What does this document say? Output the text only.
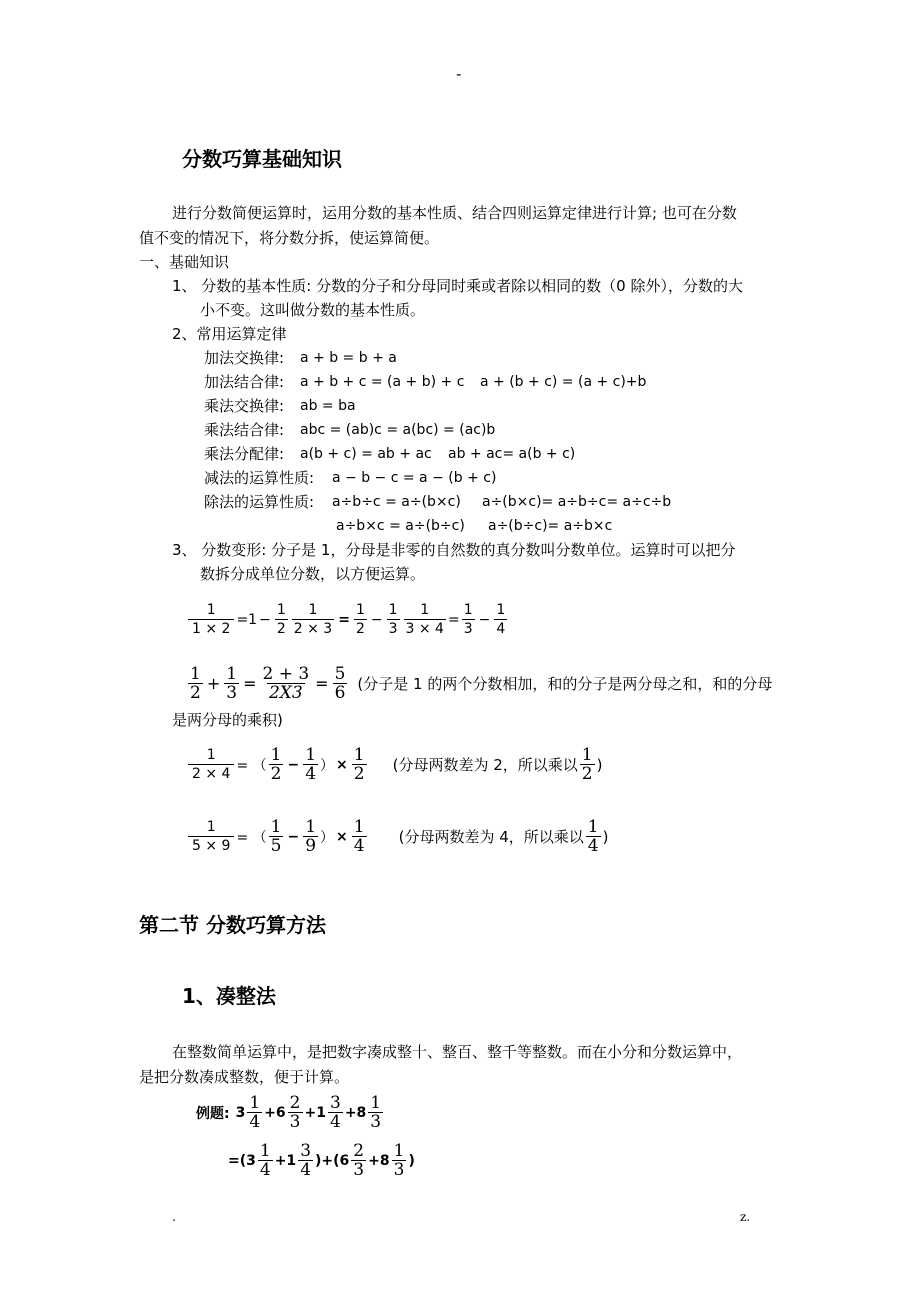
-
分数巧算基础知识
进行分数简便运算时，运用分数的基本性质、结合四则运算定律进行计算; 也可在分数
值不变的情况下，将分数分拆，使运算简便。
一、基础知识
1、 分数的基本性质: 分数的分子和分母同时乘或者除以相同的数（0 除外），分数的大
小不变。这叫做分数的基本性质。
2、常用运算定律
加法交换律: a + b = b + a
加法结合律: a + b + c = (a + b) + c a + (b + c) = (a + c)+b
乘法交换律: ab = ba
乘法结合律: abc = (ab)c = a(bc) = (ac)b
乘法分配律: a(b + c) = ab + ac ab + ac= a(b + c)
减法的运算性质: a − b − c = a − (b + c)
除法的运算性质: a÷b÷c = a÷(b×c) a÷(b×c)= a÷b÷c= a÷c÷b
a÷b×c = a÷(b÷c) a÷(b÷c)= a÷b×c
3、 分数变形: 分子是 1，分母是非零的自然数的真分数叫分数单位。运算时可以把分
数拆分成单位分数，以方便运算。
$\frac{1}{1 \times 2} =1 - \frac{1}{2} \frac{1}{2 \times 3} = \frac{1}{2} - \frac{1}{3} \frac{1}{3 \times 4} = \frac{1}{3} - \frac{1}{4}$
$\frac{1}{2} + \frac{1}{3} = \frac{2 + 3}{2X3} = \frac{5}{6}$ (分子是 1 的两个分数相加，和的分子是两分母之和，和的分母
是两分母的乘积)
$\frac{1}{2 \times 4}$ = （ $\frac{1}{2} - \frac{1}{4}$ ） × $\frac{1}{2}$ (分母两数差为 2，所以乘以 $\frac{1}{2}$ )
$\frac{1}{5 \times 9}$ = （ $\frac{1}{5} - \frac{1}{9}$ ） × $\frac{1}{4}$ (分母两数差为 4，所以乘以 $\frac{1}{4}$ )
第二节 分数巧算方法
1、凑整法
在整数简单运算中，是把数字凑成整十、整百、整千等整数。而在小分和分数运算中，
是把分数凑成整数，便于计算。
例题: $3 \frac{1}{4} +6 \frac{2}{3} +1 \frac{3}{4} +8 \frac{1}{3}$
$=(3 \frac{1}{4} +1 \frac{3}{4} )+(6 \frac{2}{3} +8 \frac{1}{3}$ )
.	z.
